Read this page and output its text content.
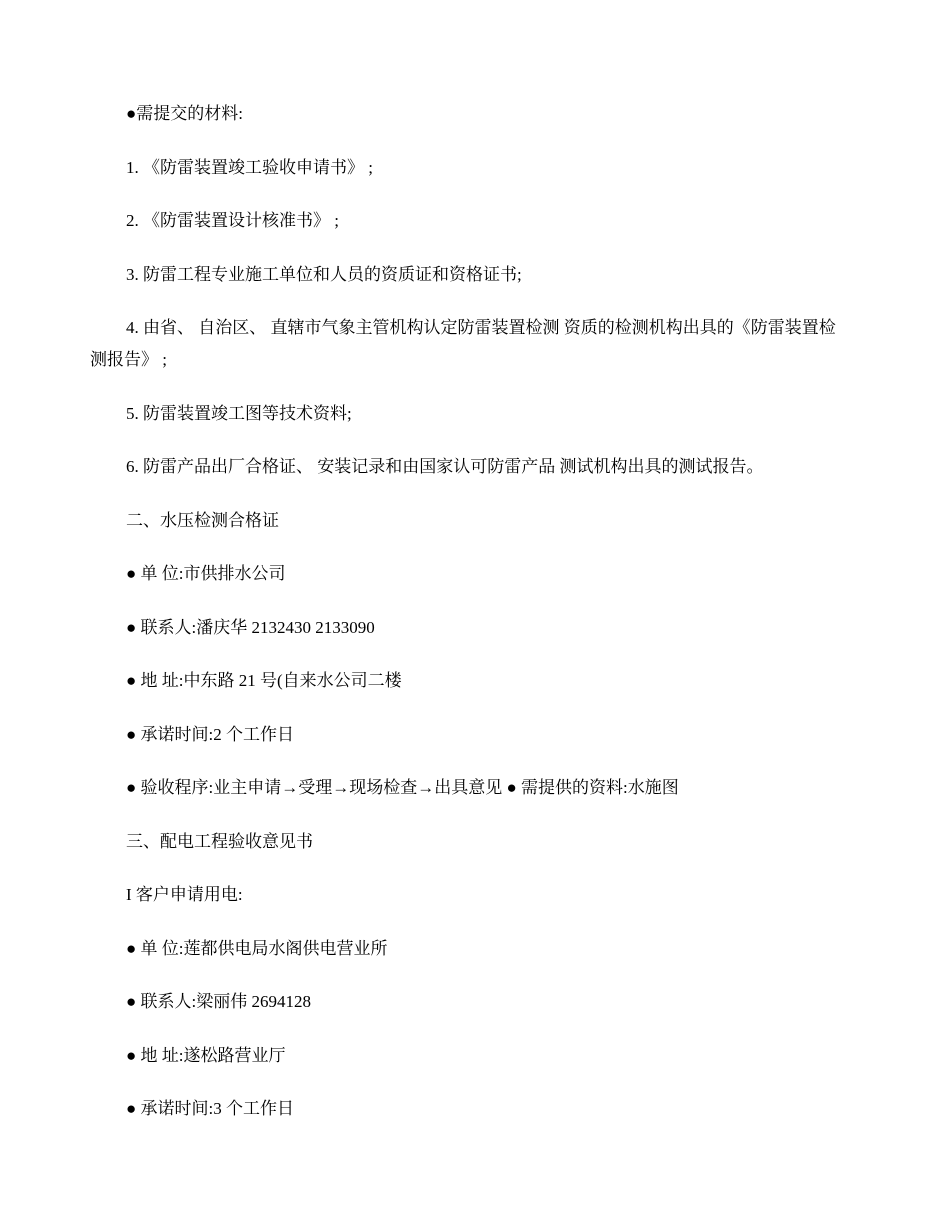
●需提交的材料:

1. 《防雷装置竣工验收申请书》 ;

2. 《防雷装置设计核准书》 ;

3. 防雷工程专业施工单位和人员的资质证和资格证书;

4. 由省、 自治区、 直辖市气象主管机构认定防雷装置检测 资质的检测机构出具的《防雷装置检测报告》 ;

5. 防雷装置竣工图等技术资料;

6. 防雷产品出厂合格证、 安装记录和由国家认可防雷产品 测试机构出具的测试报告。

二、水压检测合格证

● 单 位:市供排水公司

● 联系人:潘庆华 2132430 2133090

● 地 址:中东路 21 号(自来水公司二楼

● 承诺时间:2 个工作日

● 验收程序:业主申请→受理→现场检查→出具意见 ● 需提供的资料:水施图

三、配电工程验收意见书

I 客户申请用电:

● 单 位:莲都供电局水阁供电营业所

● 联系人:梁丽伟 2694128

● 地 址:遂松路营业厅

● 承诺时间:3 个工作日
